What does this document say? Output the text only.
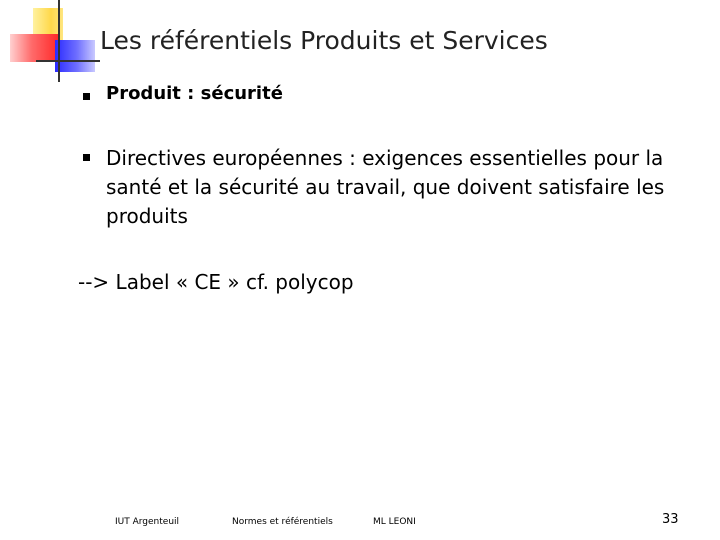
Les référentiels Produits et Services
Produit : sécurité
Directives européennes : exigences essentielles pour la santé et la sécurité au travail, que doivent satisfaire les produits
--> Label « CE » cf. polycop
IUT Argenteuil	Normes et référentiels	ML LEONI	33
